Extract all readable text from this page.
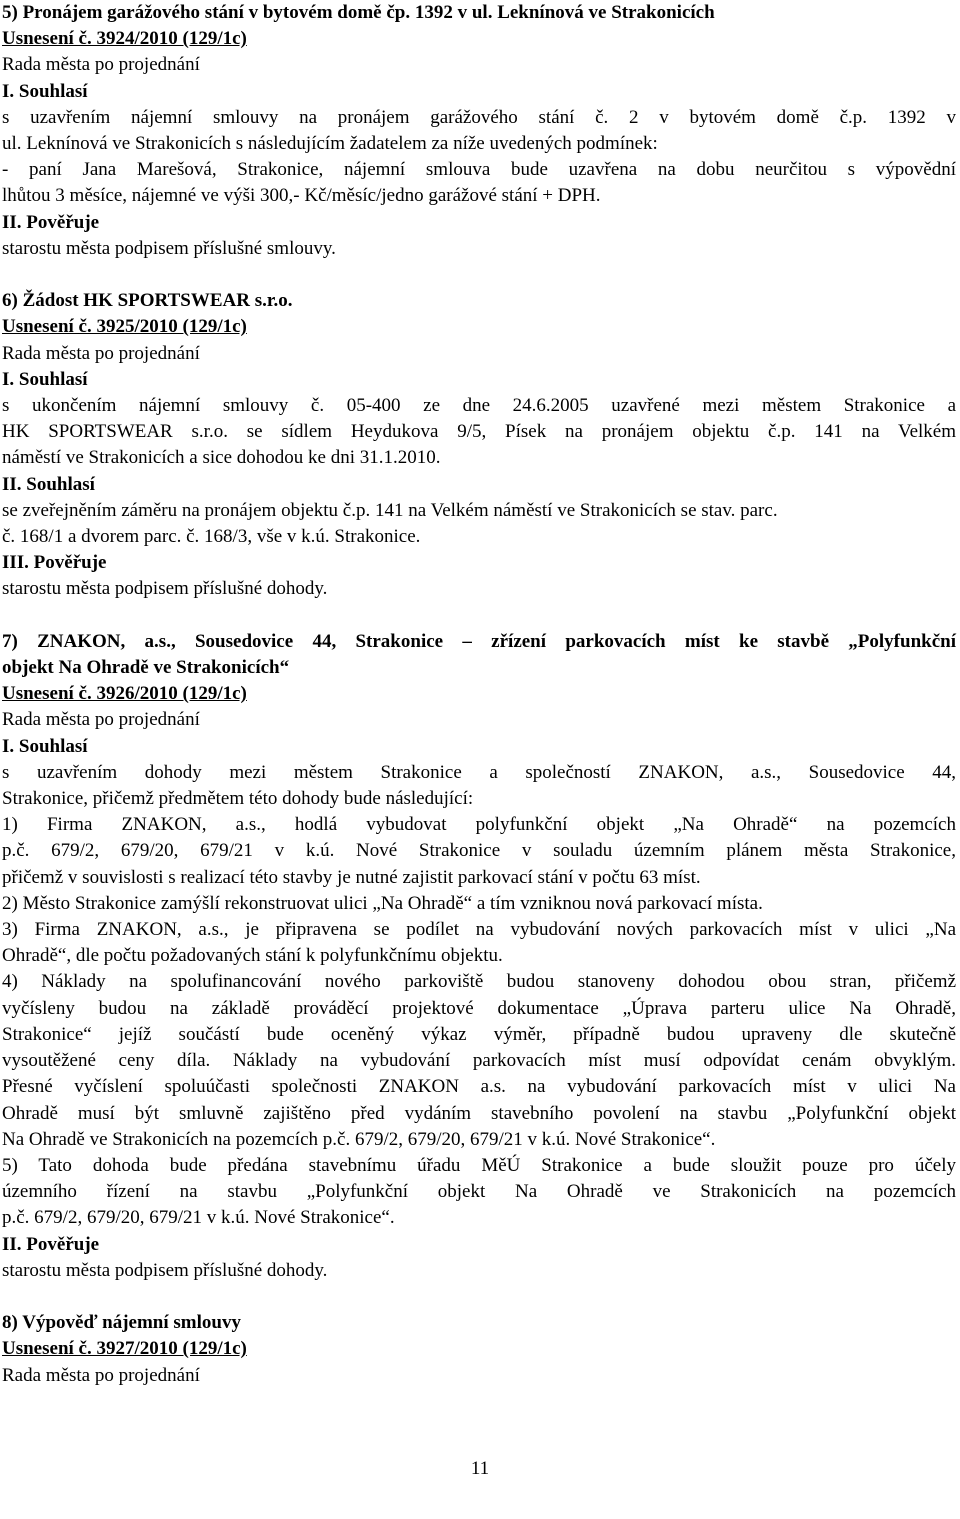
5) Pronájem garážového stání v bytovém domě čp. 1392 v ul. Leknínová ve Strakonicích
Usnesení č. 3924/2010 (129/1c)
Rada města po projednání
I. Souhlasí
s uzavřením nájemní smlouvy na pronájem garážového stání č. 2 v bytovém domě č.p. 1392 v
ul. Leknínová ve Strakonicích s následujícím žadatelem za níže uvedených podmínek:
- paní Jana Marešová, Strakonice, nájemní smlouva bude uzavřena na dobu neurčitou s výpovědní
lhůtou 3 měsíce, nájemné ve výši 300,- Kč/měsíc/jedno garážové stání + DPH.
II. Pověřuje
starostu města podpisem příslušné smlouvy.
6) Žádost HK SPORTSWEAR s.r.o.
Usnesení č. 3925/2010 (129/1c)
Rada města po projednání
I. Souhlasí
s ukončením nájemní smlouvy č. 05-400 ze dne 24.6.2005 uzavřené mezi městem Strakonice a
HK SPORTSWEAR s.r.o. se sídlem Heydukova 9/5, Písek na pronájem objektu č.p. 141 na Velkém
náměstí ve Strakonicích a sice dohodou ke dni 31.1.2010.
II. Souhlasí
se zveřejněním záměru na pronájem objektu č.p. 141 na Velkém náměstí ve Strakonicích se stav. parc.
č. 168/1 a dvorem parc. č. 168/3, vše v k.ú. Strakonice.
III. Pověřuje
starostu města podpisem příslušné dohody.
7) ZNAKON, a.s., Sousedovice 44, Strakonice – zřízení parkovacích míst ke stavbě „Polyfunkční
objekt Na Ohradě ve Strakonicích“
Usnesení č. 3926/2010 (129/1c)
Rada města po projednání
I. Souhlasí
s uzavřením dohody mezi městem Strakonice a společností ZNAKON, a.s., Sousedovice 44,
Strakonice, přičemž předmětem této dohody bude následující:
1) Firma ZNAKON, a.s., hodlá vybudovat polyfunkční objekt „Na Ohradě“ na pozemcích
p.č. 679/2, 679/20, 679/21 v k.ú. Nové Strakonice v souladu územním plánem města Strakonice,
přičemž v souvislosti s realizací této stavby je nutné zajistit parkovací stání v počtu 63 míst.
2) Město Strakonice zamýšlí rekonstruovat ulici „Na Ohradě“ a tím vzniknou nová parkovací místa.
3) Firma ZNAKON, a.s., je připravena se podílet na vybudování nových parkovacích míst v ulici „Na
Ohradě“, dle počtu požadovaných stání k polyfunkčnímu objektu.
4) Náklady na spolufinancování nového parkoviště budou stanoveny dohodou obou stran, přičemž
vyčísleny budou na základě prováděcí projektové dokumentace „Úprava parteru ulice Na Ohradě,
Strakonice“ jejíž součástí bude oceněný výkaz výměr, případně budou upraveny dle skutečně
vysoutěžené ceny díla. Náklady na vybudování parkovacích míst musí odpovídat cenám obvyklým.
Přesné vyčíslení spoluúčasti společnosti ZNAKON a.s. na vybudování parkovacích míst v ulici Na
Ohradě musí být smluvně zajištěno před vydáním stavebního povolení na stavbu „Polyfunkční objekt
Na Ohradě ve Strakonicích na pozemcích p.č. 679/2, 679/20, 679/21 v k.ú. Nové Strakonice“.
5) Tato dohoda bude předána stavebnímu úřadu MěÚ Strakonice a bude sloužit pouze pro účely
územního řízení na stavbu „Polyfunkční objekt Na Ohradě ve Strakonicích na pozemcích
p.č. 679/2, 679/20, 679/21 v k.ú. Nové Strakonice“.
II. Pověřuje
starostu města podpisem příslušné dohody.
8) Výpověď nájemní smlouvy
Usnesení č. 3927/2010 (129/1c)
Rada města po projednání
11
